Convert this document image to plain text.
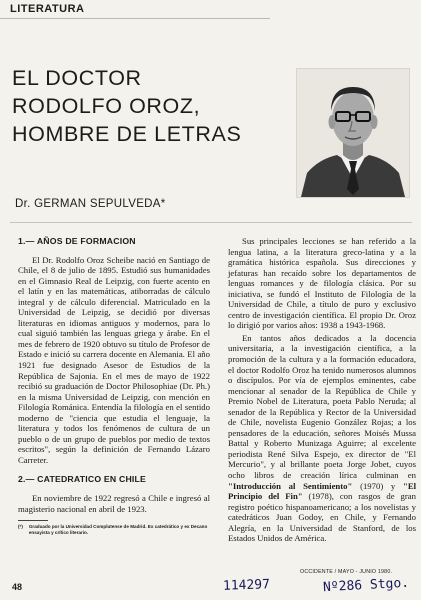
LITERATURA
EL DOCTOR
RODOLFO OROZ,
HOMBRE DE LETRAS
Dr. GERMAN SEPULVEDA*
1.— AÑOS DE FORMACION

El Dr. Rodolfo Oroz Scheibe nació en Santiago de Chile, el 8 de julio de 1895. Estudió sus humanidades en el Gimnasio Real de Leipzig, con fuerte acento en el latín y en las matemáticas, atiborradas de cálculo integral y de cálculo diferencial. Matriculado en la Universidad de Leipzig, se decidió por diversas literaturas en idiomas antiguos y modernos, para lo cual siguió también las lenguas griega y árabe. En el mes de febrero de 1920 obtuvo su título de Profesor de Estado e inició su carrera docente en Alemania. El año 1921 fue designado Asesor de Estudios de la República de Sajonia. En el mes de mayo de 1922 recibió su graduación de Doctor Philosophiae (Dr. Ph.) en la misma Universidad de Leipzig, con mención en Filología Románica. Entendía la filología en el sentido moderno de "ciencia que estudia el lenguaje, la literatura y todos los fenómenos de cultura de un pueblo o de un grupo de pueblos por medio de textos escritos", según la definición de Fernando Lázaro Carreter.

2.— CATEDRATICO EN CHILE

En noviembre de 1922 regresó a Chile e ingresó al magisterio nacional en abril de 1923.

(*) Graduado por la Universidad Complutense de Madrid. Ex catedrático y ex Decano ensayista y crítico literario.

Sus principales lecciones se han referido a la lengua latina, a la literatura greco-latina y a la gramática histórica española. Sus direcciones y jefaturas han recaído sobre los departamentos de lenguas romances y de filología clásica. Por su iniciativa, se fundó el Instituto de Filología de la Universidad de Chile, a título de puro y exclusivo centro de investigación científica. El propio Dr. Oroz lo dirigió por varios años: 1938 a 1943-1968.

En tantos años dedicados a la docencia universitaria, a la investigación científica, a la promoción de la cultura y a la formación educadora, el doctor Rodolfo Oroz ha tenido numerosos alumnos o discípulos. Por vía de ejemplos eminentes, cabe mencionar al senador de la República de Chile y Premio Nobel de Literatura, poeta Pablo Neruda; al senador de la República y Rector de la Universidad de Chile, novelista Eugenio González Rojas; a los pensadores de la educación, señores Moisés Mussa Battal y Roberto Munizaga Aguirre; al excelente periodista René Silva Espejo, ex director de "El Mercurio", y al brillante poeta Jorge Jobet, cuyos ocho libros de creación lírica culminan en "Introducción al Sentimiento" (1970) y "El Principio del Fin" (1978), con rasgos de gran registro poético hispanoamericano; a los novelistas y catedráticos Juan Godoy, en Chile, y Fernando Alegría, en la Universidad de Stanford, de los Estados Unidos de América.

48
OCCIDENTE / MAYO - JUNIO 1980.
114297	Nº286 Stgo.
